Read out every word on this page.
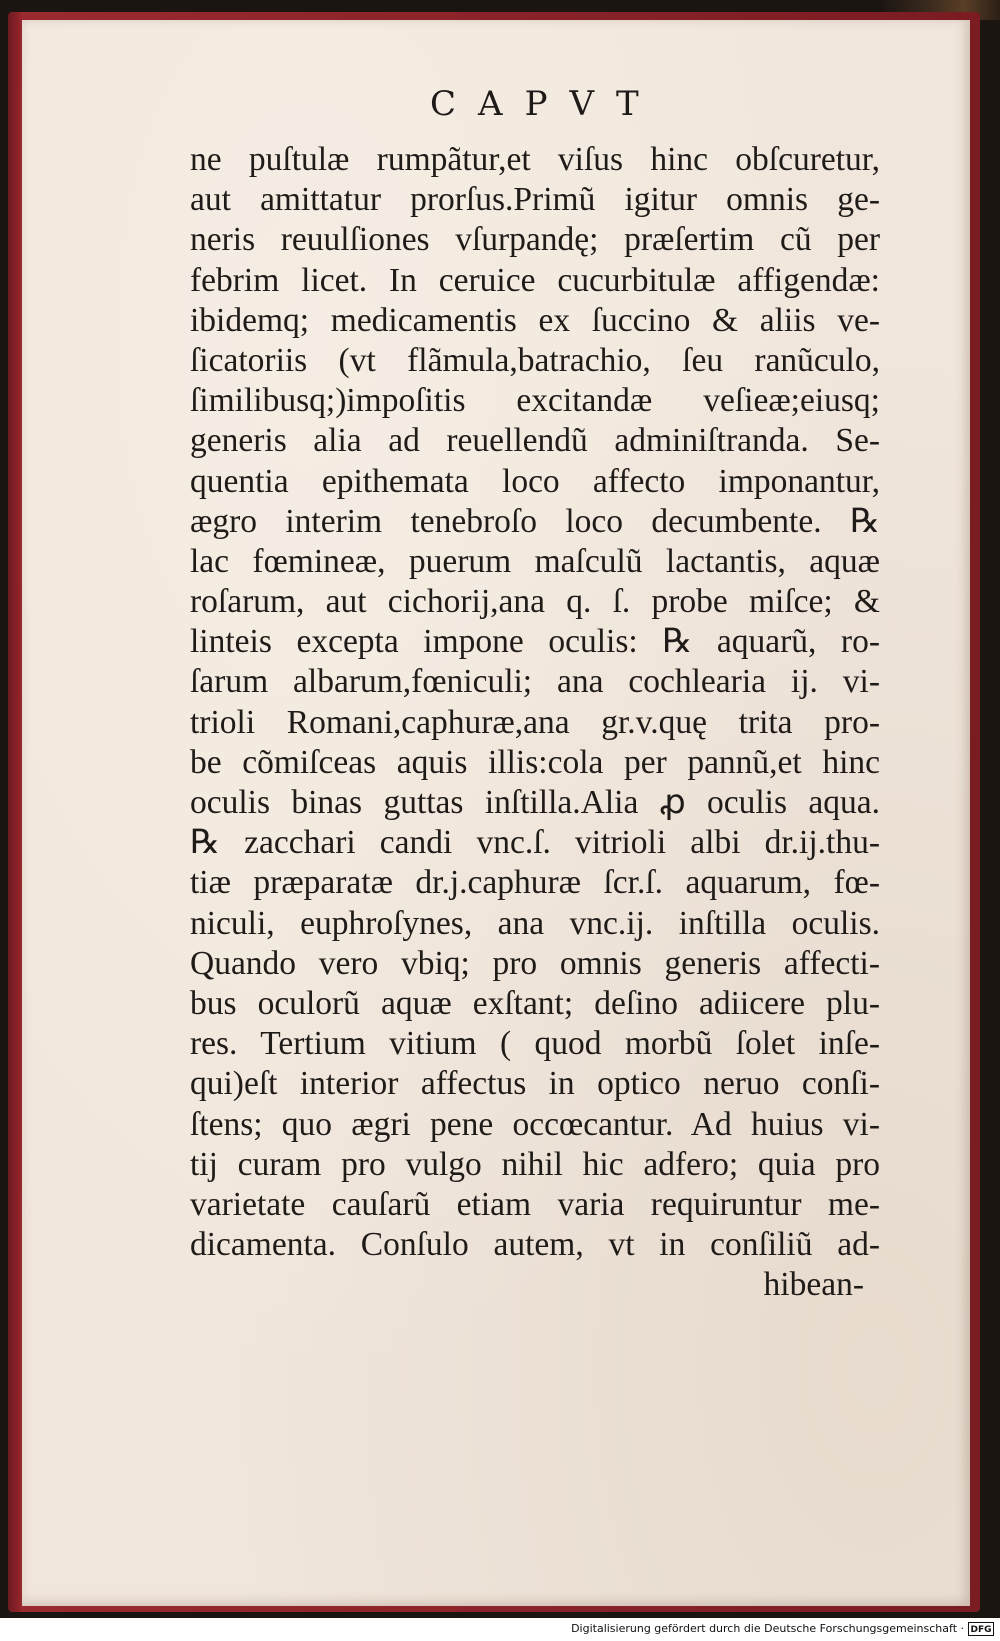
CAPVT
ne puſtulæ rumpãtur,et viſus hinc obſcuretur,
aut amittatur prorſus.Primũ igitur omnis ge-
neris reuulſiones vſurpandę; præſertim cũ per
febrim licet. In ceruice cucurbitulæ affigendæ:
ibidemq; medicamentis ex ſuccino & aliis ve-
ſicatoriis (vt flãmula,batrachio, ſeu ranũculo,
ſimilibusq;)impoſitis excitandæ veſieæ;eiusq;
generis alia ad reuellendũ adminiſtranda. Se-
quentia epithemata loco affecto imponantur,
ægro interim tenebroſo loco decumbente. ℞
lac fœmineæ, puerum maſculũ lactantis, aquæ
roſarum, aut cichorij,ana q. ſ. probe miſce; &
linteis excepta impone oculis: ℞ aquarũ, ro-
ſarum albarum,fœniculi; ana cochlearia ij. vi-
trioli Romani,caphuræ,ana gr.v.quę trita pro-
be cõmiſceas aquis illis:cola per pannũ,et hinc
oculis binas guttas inſtilla.Alia ꝓ oculis aqua.
℞ zacchari candi vnc.ſ. vitrioli albi dr.ij.thu-
tiæ præparatæ dr.j.caphuræ ſcr.ſ. aquarum, fœ-
niculi, euphroſynes, ana vnc.ij. inſtilla oculis.
Quando vero vbiq; pro omnis generis affecti-
bus oculorũ aquæ exſtant; deſino adiicere plu-
res. Tertium vitium ( quod morbũ ſolet inſe-
qui)eſt interior affectus in optico neruo conſi-
ſtens; quo ægri pene occœcantur. Ad huius vi-
tij curam pro vulgo nihil hic adfero; quia pro
varietate cauſarũ etiam varia requiruntur me-
dicamenta. Conſulo autem, vt in conſiliũ ad-
hibean-
Digitalisierung gefördert durch die Deutsche Forschungsgemeinschaft · DFG
